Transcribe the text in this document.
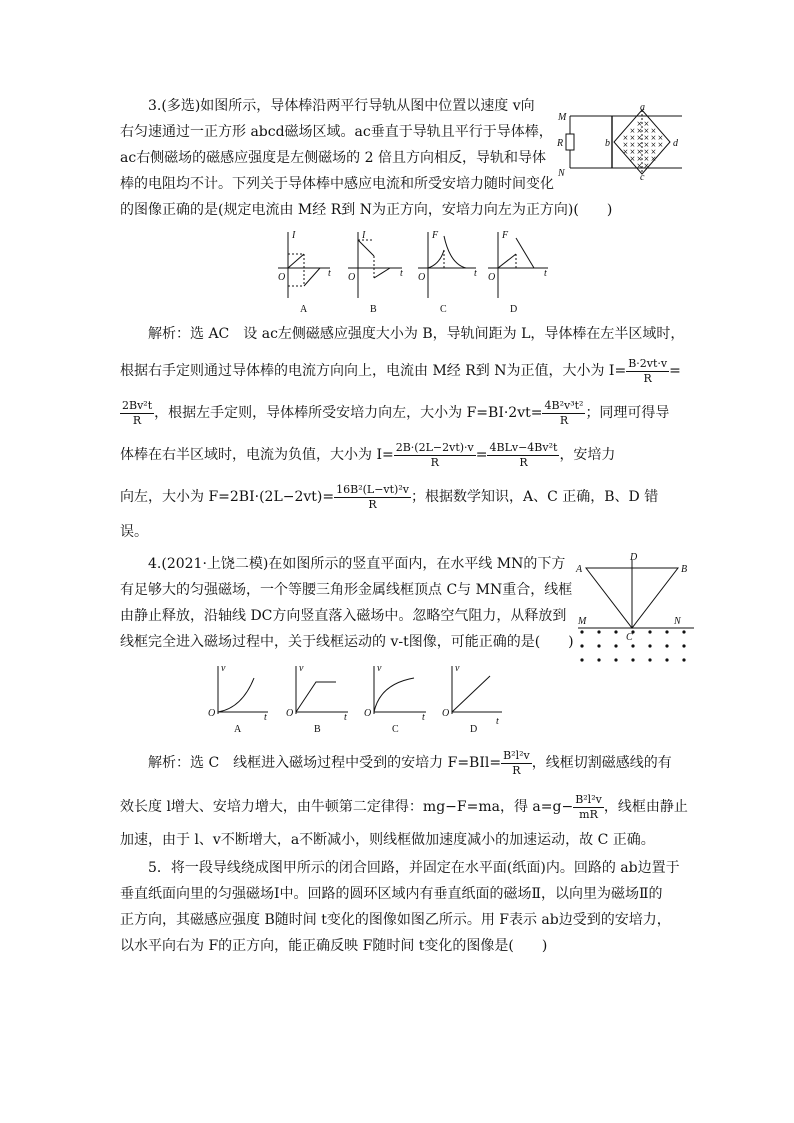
3.(多选)如图所示，导体棒沿两平行导轨从图中位置以速度 v向
右匀速通过一正方形 abcd磁场区域。ac垂直于导轨且平行于导体棒，
ac右侧磁场的磁感应强度是左侧磁场的 2 倍且方向相反，导轨和导体
棒的电阻均不计。下列关于导体棒中感应电流和所受安培力随时间变化
的图像正确的是(规定电流由 M经 R到 N为正方向，安培力向左为正方向)(　　)
× ×
× × × ×
× × × × × ×
× × × × × ×
× × × × ×
× × × ×
× ×
M
N
R
a
b
c
d
I
O	t
A
I
O	t
B
F
O	t
C
F
O	t
D
解析：选 AC　设 ac左侧磁感应强度大小为 B，导轨间距为 L，导体棒在左半区域时，
根据右手定则通过导体棒的电流方向向上，电流由 M经 R到 N为正值，大小为 $I= \frac{B\cdot 2vt\cdot v}{R}$ =
$\frac{\text{2Bv²t}}{R}$ ，根据左手定则，导体棒所受安培力向左，大小为 $F=BI\cdot 2vt= \frac{\text{4B²v³t²}}{R}$ ；同理可得导
体棒在右半区域时，电流为负值，大小为 $I= \frac{2B\cdot(2L-2vt)\cdot v}{R} = \frac{\text{4BLv−4Bv²t}}{R}$ ，安培力
向左，大小为 $F=2BI\cdot(2L-2vt)= \frac{\text{16B²(L−vt)²v}}{R}$ ；根据数学知识，A、C 正确，B、D 错
误。
4.(2021·上饶二模)在如图所示的竖直平面内，在水平线 MN的下方
有足够大的匀强磁场，一个等腰三角形金属线框顶点 C与 MN重合，线框
由静止释放，沿轴线 DC方向竖直落入磁场中。忽略空气阻力，从释放到
线框完全进入磁场过程中，关于线框运动的 v-t图像，可能正确的是(　　)
A
D
B
M	N
C
v
O	t
A
v
O	t
B
v
O	t
C
v
O
t
D
解析：选 C　线框进入磁场过程中受到的安培力 $F=BIl= \frac{\text{B²l²v}}{R}$ ，线框切割磁感线的有
效长度 l增大、安培力增大，由牛顿第二定律得：mg−F=ma，得 $a=g- \frac{\text{B²l²v}}{mR}$ ，线框由静止
加速，由于 l、v不断增大，a不断减小，则线框做加速度减小的加速运动，故 C 正确。
5．将一段导线绕成图甲所示的闭合回路，并固定在水平面(纸面)内。回路的 ab边置于
垂直纸面向里的匀强磁场Ⅰ中。回路的圆环区域内有垂直纸面的磁场Ⅱ，以向里为磁场Ⅱ的
正方向，其磁感应强度 B随时间 t变化的图像如图乙所示。用 F表示 ab边受到的安培力，
以水平向右为 F的正方向，能正确反映 F随时间 t变化的图像是(　　)
